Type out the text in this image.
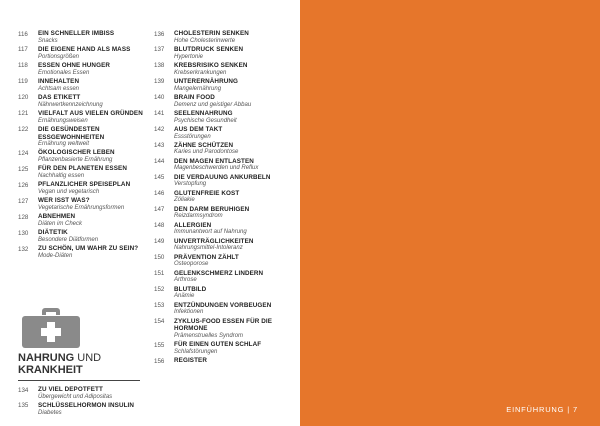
116	EIN SCHNELLER IMBISS
Snacks
117	DIE EIGENE HAND ALS MASS
Portionsgrößen
118	ESSEN OHNE HUNGER
Emotionales Essen
119	INNEHALTEN
Achtsam essen
120	DAS ETIKETT
Nährwertkennzeichnung
121	VIELFALT AUS VIELEN GRÜNDEN
Ernährungsweisen
122	DIE GESÜNDESTEN ESSGEWOHNHEITEN
Ernährung weltweit
124	ÖKOLOGISCHER LEBEN
Pflanzenbasierte Ernährung
125	FÜR DEN PLANETEN ESSEN
Nachhaltig essen
126	PFLANZLICHER SPEISEPLAN
Vegan und vegetarisch
127	WER ISST WAS?
Vegetarische Ernährungsformen
128	ABNEHMEN
Diäten im Check
130	DIÄTETIK
Besondere Diätformen
132	ZU SCHÖN, UM WAHR ZU SEIN?
Mode-Diäten
136	CHOLESTERIN SENKEN
Hohe Cholesterinwerte
137	BLUTDRUCK SENKEN
Hypertonie
138	KREBSRISIKO SENKEN
Krebserkrankungen
139	UNTERERNÄHRUNG
Mangelernährung
140	BRAIN FOOD
Demenz und geistiger Abbau
141	SEELENNAHRUNG
Psychische Gesundheit
142	AUS DEM TAKT
Essstörungen
143	ZÄHNE SCHÜTZEN
Karies und Parodontose
144	DEN MAGEN ENTLASTEN
Magenbeschwerden und Reflux
145	DIE VERDAUUNG ANKURBELN
Verstopfung
146	GLUTENFREIE KOST
Zöliakie
147	DEN DARM BERUHIGEN
Reizdarmsyndrom
148	ALLERGIEN
Immunantwort auf Nahrung
149	UNVERTRÄGLICHKEITEN
Nahrungsmittel-Intoleranz
150	PRÄVENTION ZÄHLT
Osteoporose
151	GELENKSCHMERZ LINDERN
Arthrose
152	BLUTBILD
Anämie
153	ENTZÜNDUNGEN VORBEUGEN
Infektionen
154	ZYKLUS-FOOD ESSEN FÜR DIE HORMONE
Prämenstruelles Syndrom
155	FÜR EINEN GUTEN SCHLAF
Schlafstörungen
156	REGISTER
NAHRUNG UND
KRANKHEIT
134	ZU VIEL DEPOTFETT
Übergewicht und Adipositas
135	SCHLÜSSELHORMON INSULIN
Diabetes	EINFÜHRUNG | 7
